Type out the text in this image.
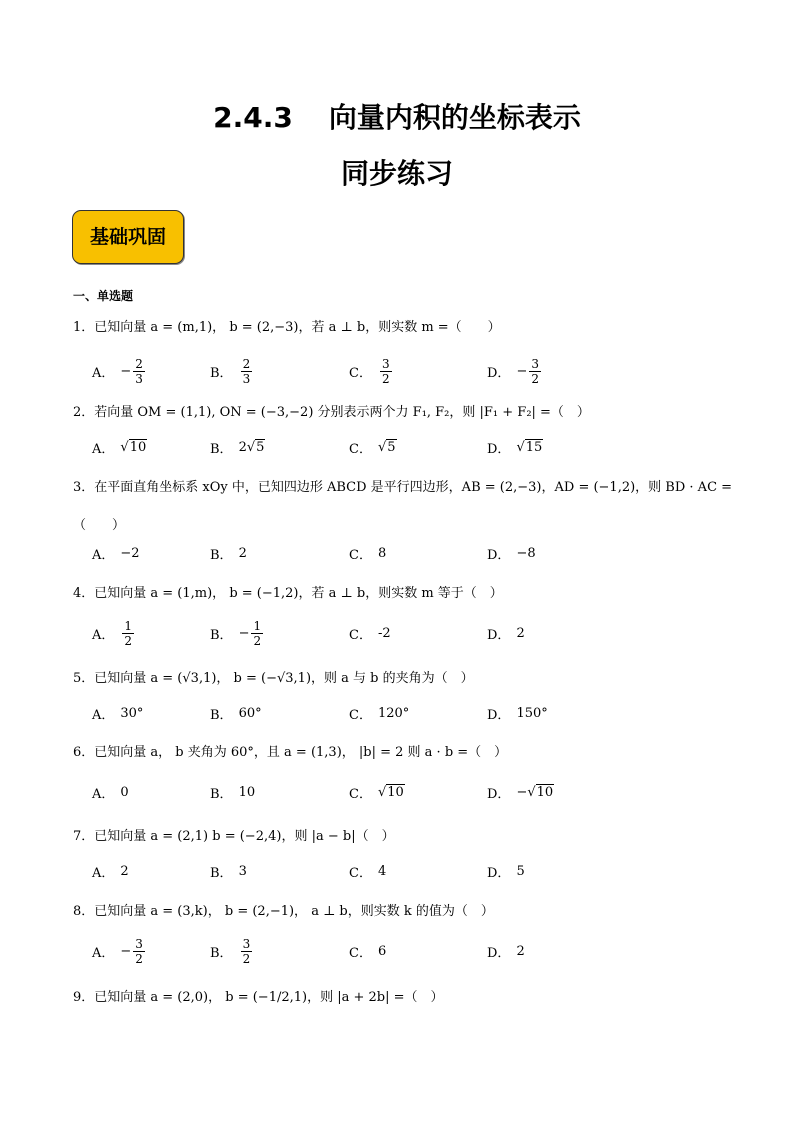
2.4.3 向量内积的坐标表示
同步练习
基础巩固
一、单选题
1．已知向量 a = (m,1)， b = (2,−3)，若 a ⊥ b，则实数 m =（　　）
A． − $\frac{2}{3}$	B． $\frac{2}{3}$	C． $\frac{3}{2}$	D． − $\frac{3}{2}$
2．若向量 OM = (1,1), ON = (−3,−2) 分别表示两个力 F₁, F₂，则 |F₁ + F₂| =（　）
A． √ 10	B． 2 √ 5	C． √ 5	D． √ 15
3．在平面直角坐标系 xOy 中，已知四边形 ABCD 是平行四边形，AB = (2,−3)，AD = (−1,2)，则 BD · AC =
（　　）
A． −2	B． 2	C． 8	D． −8
4．已知向量 a = (1,m)， b = (−1,2)，若 a ⊥ b，则实数 m 等于（　）
A． $\frac{1}{2}$	B． − $\frac{1}{2}$	C． -2	D． 2
5．已知向量 a = (√3,1)， b = (−√3,1)，则 a 与 b 的夹角为（　）
A． 30°	B． 60°	C． 120°	D． 150°
6．已知向量 a， b 夹角为 60°，且 a = (1,3)， |b| = 2 则 a · b =（　）
A． 0	B． 10	C． √ 10	D． − √ 10
7．已知向量 a = (2,1) b = (−2,4)，则 |a − b|（　）
A． 2	B． 3	C． 4	D． 5
8．已知向量 a = (3,k)， b = (2,−1)， a ⊥ b，则实数 k 的值为（　）
A． − $\frac{3}{2}$	B． $\frac{3}{2}$	C． 6	D． 2
9．已知向量 a = (2,0)， b = (−1/2,1)，则 |a + 2b| =（　）
